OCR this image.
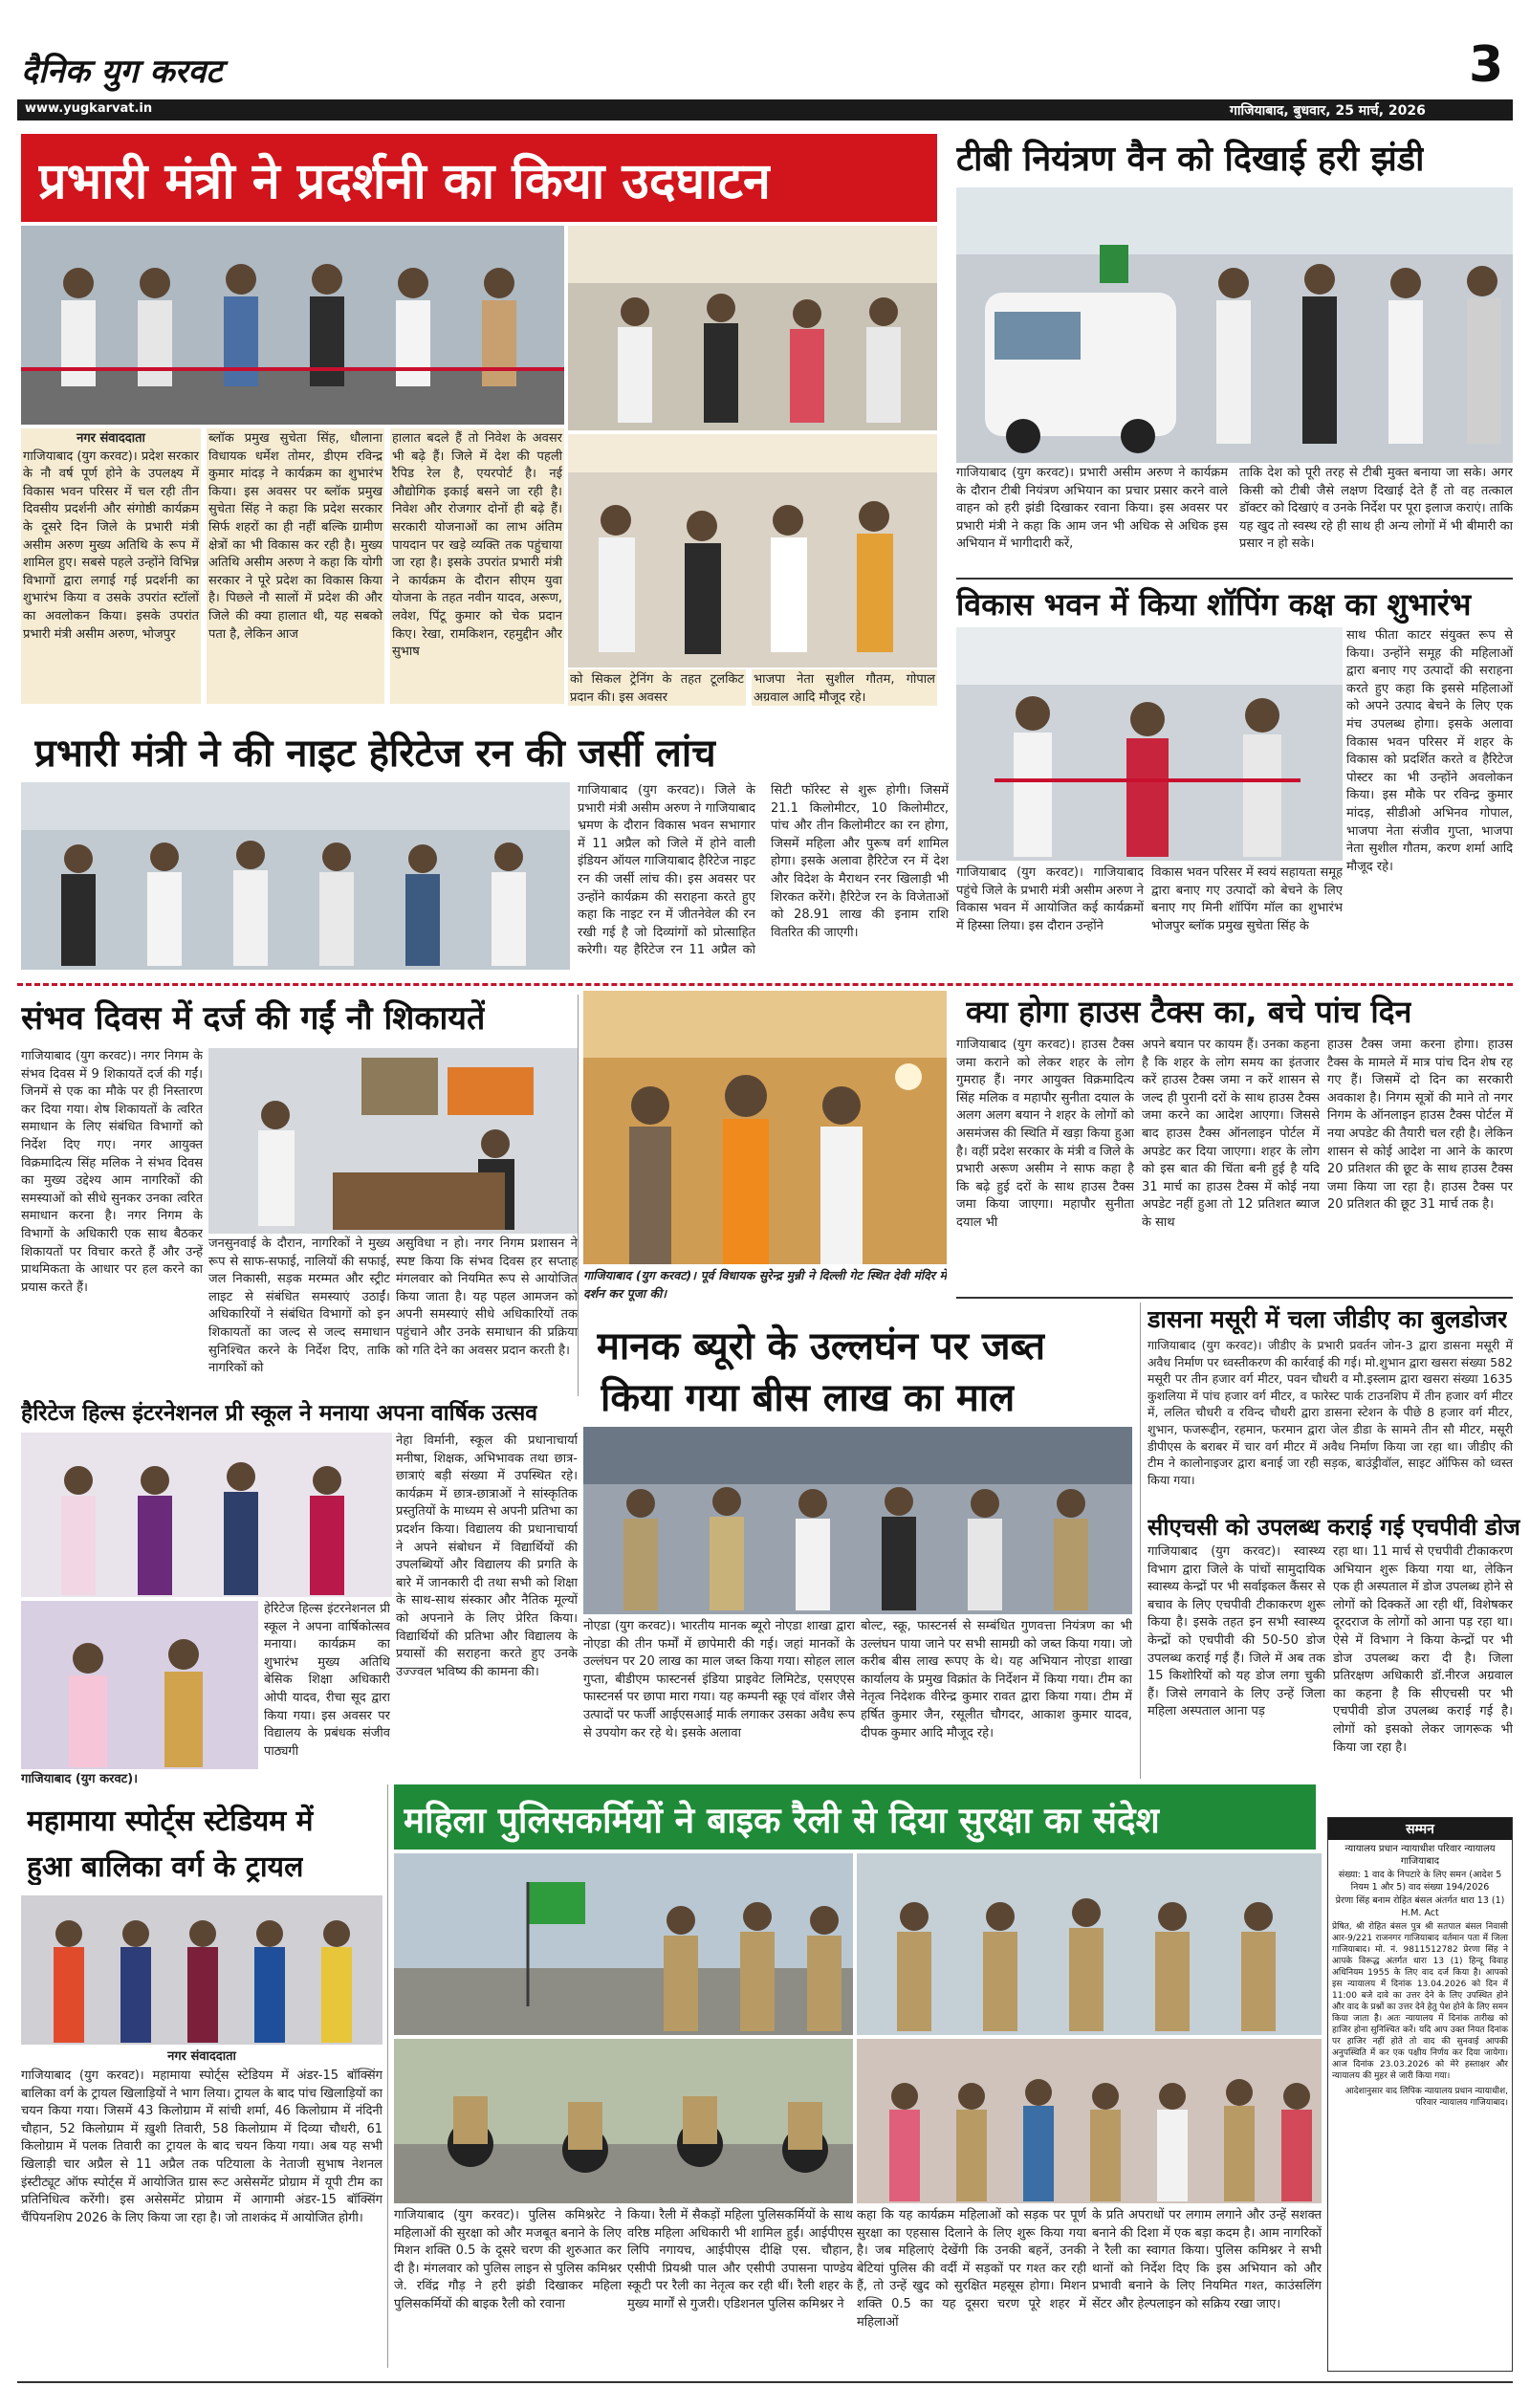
दैनिक युग करवट	3
www.yugkarvat.in	गाजियाबाद, बुधवार, 25 मार्च, 2026
प्रभारी मंत्री ने प्रदर्शनी का किया उदघाटन
नगर संवाददाता
गाजियाबाद (युग करवट)। प्रदेश सरकार के नौ वर्ष पूर्ण होने के उपलक्ष्य में विकास भवन परिसर में चल रही तीन दिवसीय प्रदर्शनी और संगोष्ठी कार्यक्रम के दूसरे दिन जिले के प्रभारी मंत्री असीम अरुण मुख्य अतिथि के रूप में शामिल हुए। सबसे पहले उन्होंने विभिन्न विभागों द्वारा लगाई गई प्रदर्शनी का शुभारंभ किया व उसके उपरांत स्टॉलों का अवलोकन किया। इसके उपरांत प्रभारी मंत्री असीम अरुण, भोजपुर
ब्लॉक प्रमुख सुचेता सिंह, धौलाना विधायक धर्मेश तोमर, डीएम रविन्द्र कुमार मांदड़ ने कार्यक्रम का शुभारंभ किया। इस अवसर पर ब्लॉक प्रमुख सुचेता सिंह ने कहा कि प्रदेश सरकार सिर्फ शहरों का ही नहीं बल्कि ग्रामीण क्षेत्रों का भी विकास कर रही है। मुख्य अतिथि असीम अरुण ने कहा कि योगी सरकार ने पूरे प्रदेश का विकास किया है। पिछले नौ सालों में प्रदेश की और जिले की क्या हालात थी, यह सबको पता है, लेकिन आज
हालात बदले हैं तो निवेश के अवसर भी बढ़े हैं। जिले में देश की पहली रैपिड रेल है, एयरपोर्ट है। नई औद्योगिक इकाई बसने जा रही है। निवेश और रोजगार दोनों ही बढ़े हैं। सरकारी योजनाओं का लाभ अंतिम पायदान पर खड़े व्यक्ति तक पहुंचाया जा रहा है। इसके उपरांत प्रभारी मंत्री ने कार्यक्रम के दौरान सीएम युवा योजना के तहत नवीन यादव, अरूण, लवेश, पिंटू कुमार को चेक प्रदान किए। रेखा, रामकिशन, रहमुद्दीन और सुभाष
को सिकल ट्रेनिंग के तहत टूलकिट प्रदान की। इस अवसर
भाजपा नेता सुशील गौतम, गोपाल अग्रवाल आदि मौजूद रहे।
टीबी नियंत्रण वैन को दिखाई हरी झंडी
गाजियाबाद (युग करवट)। प्रभारी असीम अरुण ने कार्यक्रम के दौरान टीबी नियंत्रण अभियान का प्रचार प्रसार करने वाले वाहन को हरी झंडी दिखाकर रवाना किया। इस अवसर पर प्रभारी मंत्री ने कहा कि आम जन भी अधिक से अधिक इस अभियान में भागीदारी करें,
ताकि देश को पूरी तरह से टीबी मुक्त बनाया जा सके। अगर किसी को टीबी जैसे लक्षण दिखाई देते हैं तो वह तत्काल डॉक्टर को दिखाएं व उनके निर्देश पर पूरा इलाज कराएं। ताकि यह खुद तो स्वस्थ रहे ही साथ ही अन्य लोगों में भी बीमारी का प्रसार न हो सके।
विकास भवन में किया शॉपिंग कक्ष का शुभारंभ
साथ फीता काटर संयुक्त रूप से किया। उन्होंने समूह की महिलाओं द्वारा बनाए गए उत्पादों की सराहना करते हुए कहा कि इससे महिलाओं को अपने उत्पाद बेचने के लिए एक मंच उपलब्ध होगा। इसके अलावा विकास भवन परिसर में शहर के विकास को प्रदर्शित करते व हैरिटेज पोस्टर का भी उन्होंने अवलोकन किया। इस मौके पर रविन्द्र कुमार मांदड़, सीडीओ अभिनव गोपाल, भाजपा नेता संजीव गुप्ता, भाजपा नेता सुशील गौतम, करण शर्मा आदि मौजूद रहे।
गाजियाबाद (युग करवट)। गाजियाबाद पहुंचे जिले के प्रभारी मंत्री असीम अरुण ने विकास भवन में आयोजित कई कार्यक्रमों में हिस्सा लिया। इस दौरान उन्होंने
विकास भवन परिसर में स्वयं सहायता समूह द्वारा बनाए गए उत्पादों को बेचने के लिए बनाए गए मिनी शॉपिंग मॉल का शुभारंभ भोजपुर ब्लॉक प्रमुख सुचेता सिंह के
प्रभारी मंत्री ने की नाइट हेरिटेज रन की जर्सी लांच
गाजियाबाद (युग करवट)। जिले के प्रभारी मंत्री असीम अरुण ने गाजियाबाद भ्रमण के दौरान विकास भवन सभागार में 11 अप्रैल को जिले में होने वाली इंडियन ऑयल गाजियाबाद हैरिटेज नाइट रन की जर्सी लांच की। इस अवसर पर उन्होंने कार्यक्रम की सराहना करते हुए कहा कि नाइट रन में जीतनेवेल की रन रखी गई है जो दिव्यांगों को प्रोत्साहित करेगी। यह हैरिटेज रन 11 अप्रैल को सिटी फॉरेस्ट से शुरू होगी। जिसमें 21.1 किलोमीटर, 10 किलोमीटर, पांच और तीन किलोमीटर का रन होगा, जिसमें महिला और पुरूष वर्ग शामिल होगा। इसके अलावा हैरिटेज रन में देश और विदेश के मैराथन रनर खिलाड़ी भी शिरकत करेंगे। हैरिटेज रन के विजेताओं को 28.91 लाख की इनाम राशि वितरित की जाएगी।
संभव दिवस में दर्ज की गईं नौ शिकायतें
गाजियाबाद (युग करवट)। नगर निगम के संभव दिवस में 9 शिकायतें दर्ज की गईं। जिनमें से एक का मौके पर ही निस्तारण कर दिया गया। शेष शिकायतों के त्वरित समाधान के लिए संबंधित विभागों को निर्देश दिए गए। नगर आयुक्त विक्रमादित्य सिंह मलिक ने संभव दिवस का मुख्य उद्देश्य आम नागरिकों की समस्याओं को सीधे सुनकर उनका त्वरित समाधान करना है। नगर निगम के विभागों के अधिकारी एक साथ बैठकर शिकायतों पर विचार करते हैं और उन्हें प्राथमिकता के आधार पर हल करने का प्रयास करते हैं।
जनसुनवाई के दौरान, नागरिकों ने मुख्य रूप से साफ-सफाई, नालियों की सफाई, जल निकासी, सड़क मरम्मत और स्ट्रीट लाइट से संबंधित समस्याएं उठाईं। अधिकारियों ने संबंधित विभागों को इन शिकायतों का जल्द से जल्द समाधान सुनिश्चित करने के निर्देश दिए, ताकि नागरिकों को
असुविधा न हो। नगर निगम प्रशासन ने स्पष्ट किया कि संभव दिवस हर सप्ताह मंगलवार को नियमित रूप से आयोजित किया जाता है। यह पहल आमजन को अपनी समस्याएं सीधे अधिकारियों तक पहुंचाने और उनके समाधान की प्रक्रिया को गति देने का अवसर प्रदान करती है।
गाजियाबाद (युग करवट)। पूर्व विधायक सुरेन्द्र मुन्नी ने दिल्ली गेट स्थित देवी मंदिर में दर्शन कर पूजा की।
क्या होगा हाउस टैक्स का, बचे पांच दिन
गाजियाबाद (युग करवट)। हाउस टैक्स जमा कराने को लेकर शहर के लोग गुमराह हैं। नगर आयुक्त विक्रमादित्य सिंह मलिक व महापौर सुनीता दयाल के अलग अलग बयान ने शहर के लोगों को असमंजस की स्थिति में खड़ा किया हुआ है। वहीं प्रदेश सरकार के मंत्री व जिले के प्रभारी अरूण असीम ने साफ कहा है कि बढ़े हुई दरों के साथ हाउस टैक्स जमा किया जाएगा। महापौर सुनीता दयाल भी
अपने बयान पर कायम हैं। उनका कहना है कि शहर के लोग समय का इंतजार करें हाउस टैक्स जमा न करें शासन से जल्द ही पुरानी दरों के साथ हाउस टैक्स जमा करने का आदेश आएगा। जिससे बाद हाउस टैक्स ऑनलाइन पोर्टल में अपडेट कर दिया जाएगा। शहर के लोग को इस बात की चिंता बनी हुई है यदि 31 मार्च का हाउस टैक्स में कोई नया अपडेट नहीं हुआ तो 12 प्रतिशत ब्याज के साथ
हाउस टैक्स जमा करना होगा। हाउस टैक्स के मामले में मात्र पांच दिन शेष रह गए हैं। जिसमें दो दिन का सरकारी अवकाश है। निगम सूत्रों की माने तो नगर निगम के ऑनलाइन हाउस टैक्स पोर्टल में नया अपडेट की तैयारी चल रही है। लेकिन शासन से कोई आदेश ना आने के कारण 20 प्रतिशत की छूट के साथ हाउस टैक्स जमा किया जा रहा है। हाउस टैक्स पर 20 प्रतिशत की छूट 31 मार्च तक है।
मानक ब्यूरो के उल्लघंन पर जब्त
किया गया बीस लाख का माल
नोएडा (युग करवट)। भारतीय मानक ब्यूरो नोएडा शाखा द्वारा नोएडा की तीन फर्मों में छापेमारी की गई। जहां मानकों के उल्लंघन पर 20 लाख का माल जब्त किया गया। सोहल लाल गुप्ता, बीडीएम फास्टनर्स इंडिया प्राइवेट लिमिटेड, एसएएस फास्टनर्स पर छापा मारा गया। यह कम्पनी स्क्रू एवं वॉशर जैसे उत्पादों पर फर्जी आईएसआई मार्क लगाकर उसका अवैध रूप से उपयोग कर रहे थे। इसके अलावा
बोल्ट, स्क्रू, फास्टनर्स से सम्बंधित गुणवत्ता नियंत्रण का भी उल्लंघन पाया जाने पर सभी सामग्री को जब्त किया गया। जो करीब बीस लाख रूपए के थे। यह अभियान नोएडा शाखा कार्यालय के प्रमुख विक्रांत के निर्देशन में किया गया। टीम का नेतृत्व निदेशक वीरेन्द्र कुमार रावत द्वारा किया गया। टीम में हर्षित कुमार जैन, रसूलीत चौगदर, आकाश कुमार यादव, दीपक कुमार आदि मौजूद रहे।
डासना मसूरी में चला जीडीए का बुलडोजर
गाजियाबाद (युग करवट)। जीडीए के प्रभारी प्रवर्तन जोन-3 द्वारा डासना मसूरी में अवैध निर्माण पर ध्वस्तीकरण की कार्रवाई की गई। मो.शुभान द्वारा खसरा संख्या 582 मसूरी पर तीन हजार वर्ग मीटर, पवन चौधरी व मौ.इस्लाम द्वारा खसरा संख्या 1635 कुशलिया में पांच हजार वर्ग मीटर, व फारेस्ट पार्क टाउनशिप में तीन हजार वर्ग मीटर में, ललित चौधरी व रविन्द चौधरी द्वारा डासना स्टेशन के पीछे 8 हजार वर्ग मीटर, शुभान, फजरूद्दीन, रहमान, फरमान द्वारा जेल डीडा के सामने तीन सौ मीटर, मसूरी डीपीएस के बराबर में चार वर्ग मीटर में अवैध निर्माण किया जा रहा था। जीडीए की टीम ने कालोनाइजर द्वारा बनाई जा रही सड़क, बाउंड्रीवॉल, साइट ऑफिस को ध्वस्त किया गया।
सीएचसी को उपलब्ध कराई गई एचपीवी डोज
गाजियाबाद (युग करवट)। स्वास्थ्य विभाग द्वारा जिले के पांचों सामुदायिक स्वास्थ्य केन्द्रों पर भी सर्वाइकल कैंसर से बचाव के लिए एचपीवी टीकाकरण शुरू किया है। इसके तहत इन सभी स्वास्थ्य केन्द्रों को एचपीवी की 50-50 डोज उपलब्ध कराई गई हैं। जिले में अब तक 15 किशोरियों को यह डोज लगा चुकी हैं। जिसे लगवाने के लिए उन्हें जिला महिला अस्पताल आना पड़
रहा था। 11 मार्च से एचपीवी टीकाकरण अभियान शुरू किया गया था, लेकिन एक ही अस्पताल में डोज उपलब्ध होने से लोगों को दिक्कतें आ रही थीं, विशेषकर दूरदराज के लोगों को आना पड़ रहा था। ऐसे में विभाग ने किया केन्द्रों पर भी डोज उपलब्ध करा दी है। जिला प्रतिरक्षण अधिकारी डॉ.नीरज अग्रवाल का कहना है कि सीएचसी पर भी एचपीवी डोज उपलब्ध कराई गई है। लोगों को इसको लेकर जागरूक भी किया जा रहा है।
हैरिटेज हिल्स इंटरनेशनल प्री स्कूल ने मनाया अपना वार्षिक उत्सव
नेहा विर्मानी, स्कूल की प्रधानाचार्या मनीषा, शिक्षक, अभिभावक तथा छात्र-छात्राएं बड़ी संख्या में उपस्थित रहे। कार्यक्रम में छात्र-छात्राओं ने सांस्कृतिक प्रस्तुतियों के माध्यम से अपनी प्रतिभा का प्रदर्शन किया। विद्यालय की प्रधानाचार्या ने अपने संबोधन में विद्यार्थियों की उपलब्धियों और विद्यालय की प्रगति के बारे में जानकारी दी तथा सभी को शिक्षा के साथ-साथ संस्कार और नैतिक मूल्यों को अपनाने के लिए प्रेरित किया। विद्यार्थियों की प्रतिभा और विद्यालय के प्रयासों की सराहना करते हुए उनके उज्ज्वल भविष्य की कामना की।
हेरिटेज हिल्स इंटरनेशनल प्री स्कूल ने अपना वार्षिकोत्सव मनाया। कार्यक्रम का शुभारंभ मुख्य अतिथि बेसिक शिक्षा अधिकारी ओपी यादव, रीचा सूद द्वारा किया गया। इस अवसर पर विद्यालय के प्रबंधक संजीव पाठ्यगी
गाजियाबाद (युग करवट)।
महामाया स्पोर्ट्स स्टेडियम में
हुआ बालिका वर्ग के ट्रायल
नगर संवाददाता
गाजियाबाद (युग करवट)। महामाया स्पोर्ट्स स्टेडियम में अंडर-15 बॉक्सिंग बालिका वर्ग के ट्रायल खिलाड़ियों ने भाग लिया। ट्रायल के बाद पांच खिलाड़ियों का चयन किया गया। जिसमें 43 किलोग्राम में सांची शर्मा, 46 किलोग्राम में नंदिनी चौहान, 52 किलोग्राम में ख़ुशी तिवारी, 58 किलोग्राम में दिव्या चौधरी, 61 किलोग्राम में पलक तिवारी का ट्रायल के बाद चयन किया गया। अब यह सभी खिलाड़ी चार अप्रैल से 11 अप्रैल तक पटियाला के नेताजी सुभाष नेशनल इंस्टीट्यूट ऑफ स्पोर्ट्स में आयोजित ग्रास रूट असेसमेंट प्रोग्राम में यूपी टीम का प्रतिनिधित्व करेंगी। इस असेसमेंट प्रोग्राम में आगामी अंडर-15 बॉक्सिंग चैंपियनशिप 2026 के लिए किया जा रहा है। जो ताशकंद में आयोजित होगी।
महिला पुलिसकर्मियों ने बाइक रैली से दिया सुरक्षा का संदेश
गाजियाबाद (युग करवट)। पुलिस कमिश्नरेट ने महिलाओं की सुरक्षा को और मजबूत बनाने के लिए मिशन शक्ति 0.5 के दूसरे चरण की शुरुआत कर दी है। मंगलवार को पुलिस लाइन से पुलिस कमिश्नर जे. रविंद्र गौड़ ने हरी झंडी दिखाकर महिला पुलिसकर्मियों की बाइक रैली को रवाना
किया। रैली में सैकड़ों महिला पुलिसकर्मियों के साथ वरिष्ठ महिला अधिकारी भी शामिल हुईं। आईपीएस लिपि नगायच, आईपीएस दीक्षि एस. चौहान, एसीपी प्रियश्री पाल और एसीपी उपासना पाण्डेय स्कूटी पर रैली का नेतृत्व कर रही थीं। रैली शहर के मुख्य मार्गों से गुजरी। एडिशनल पुलिस कमिश्नर ने
कहा कि यह कार्यक्रम महिलाओं को सड़क पर पूर्ण सुरक्षा का एहसास दिलाने के लिए शुरू किया गया है। जब महिलाएं देखेंगी कि उनकी बहनें, उनकी बेटियां पुलिस की वर्दी में सड़कों पर गश्त कर रही हैं, तो उन्हें खुद को सुरक्षित महसूस होगा। मिशन शक्ति 0.5 का यह दूसरा चरण पूरे शहर में महिलाओं
के प्रति अपराधों पर लगाम लगाने और उन्हें सशक्त बनाने की दिशा में एक बड़ा कदम है। आम नागरिकों ने रैली का स्वागत किया। पुलिस कमिश्नर ने सभी थानों को निर्देश दिए कि इस अभियान को और प्रभावी बनाने के लिए नियमित गश्त, काउंसलिंग सेंटर और हेल्पलाइन को सक्रिय रखा जाए।
सम्मन
न्यायालय प्रधान न्यायाधीश परिवार न्यायालय गाजियाबाद
संख्या: 1 वाद के निपटारे के लिए समन (आदेश 5 नियम 1 और 5) वाद संख्या 194/2026
प्रेरणा सिंह बनाम रोहित बंसल अंतर्गत धारा 13 (1) H.M. Act
प्रेषित, श्री रोहित बंसल पुत्र श्री सतपाल बंसल निवासी आर-9/221 राजनगर गाजियाबाद वर्तमान पता में जिला गाजियाबाद। मो. नं. 9811512782 प्रेरणा सिंह ने आपके विरूद्ध अंतर्गत धारा 13 (1) हिन्दू विवाह अधिनियम 1955 के लिए वाद दर्ज किया है। आपको इस न्यायालय में दिनांक 13.04.2026 को दिन में 11:00 बजे दावे का उत्तर देने के लिए उपस्थित होने और वाद के प्रश्नों का उत्तर देने हेतु पेश होने के लिए समन किया जाता है। अतः न्यायालय में दिनांक तारीख को हाजिर होना सुनिश्चित करें। यदि आप उक्त नियत दिनांक पर हाजिर नहीं होते तो वाद की सुनवाई आपकी अनुपस्थिति में कर एक पक्षीय निर्णय कर दिया जायेगा। आज दिनांक 23.03.2026 को मेरे हस्ताक्षर और न्यायालय की मुहर से जारी किया गया।
आदेशानुसार वाद लिपिक न्यायालय प्रधान न्यायाधीश, परिवार न्यायालय गाजियाबाद।
